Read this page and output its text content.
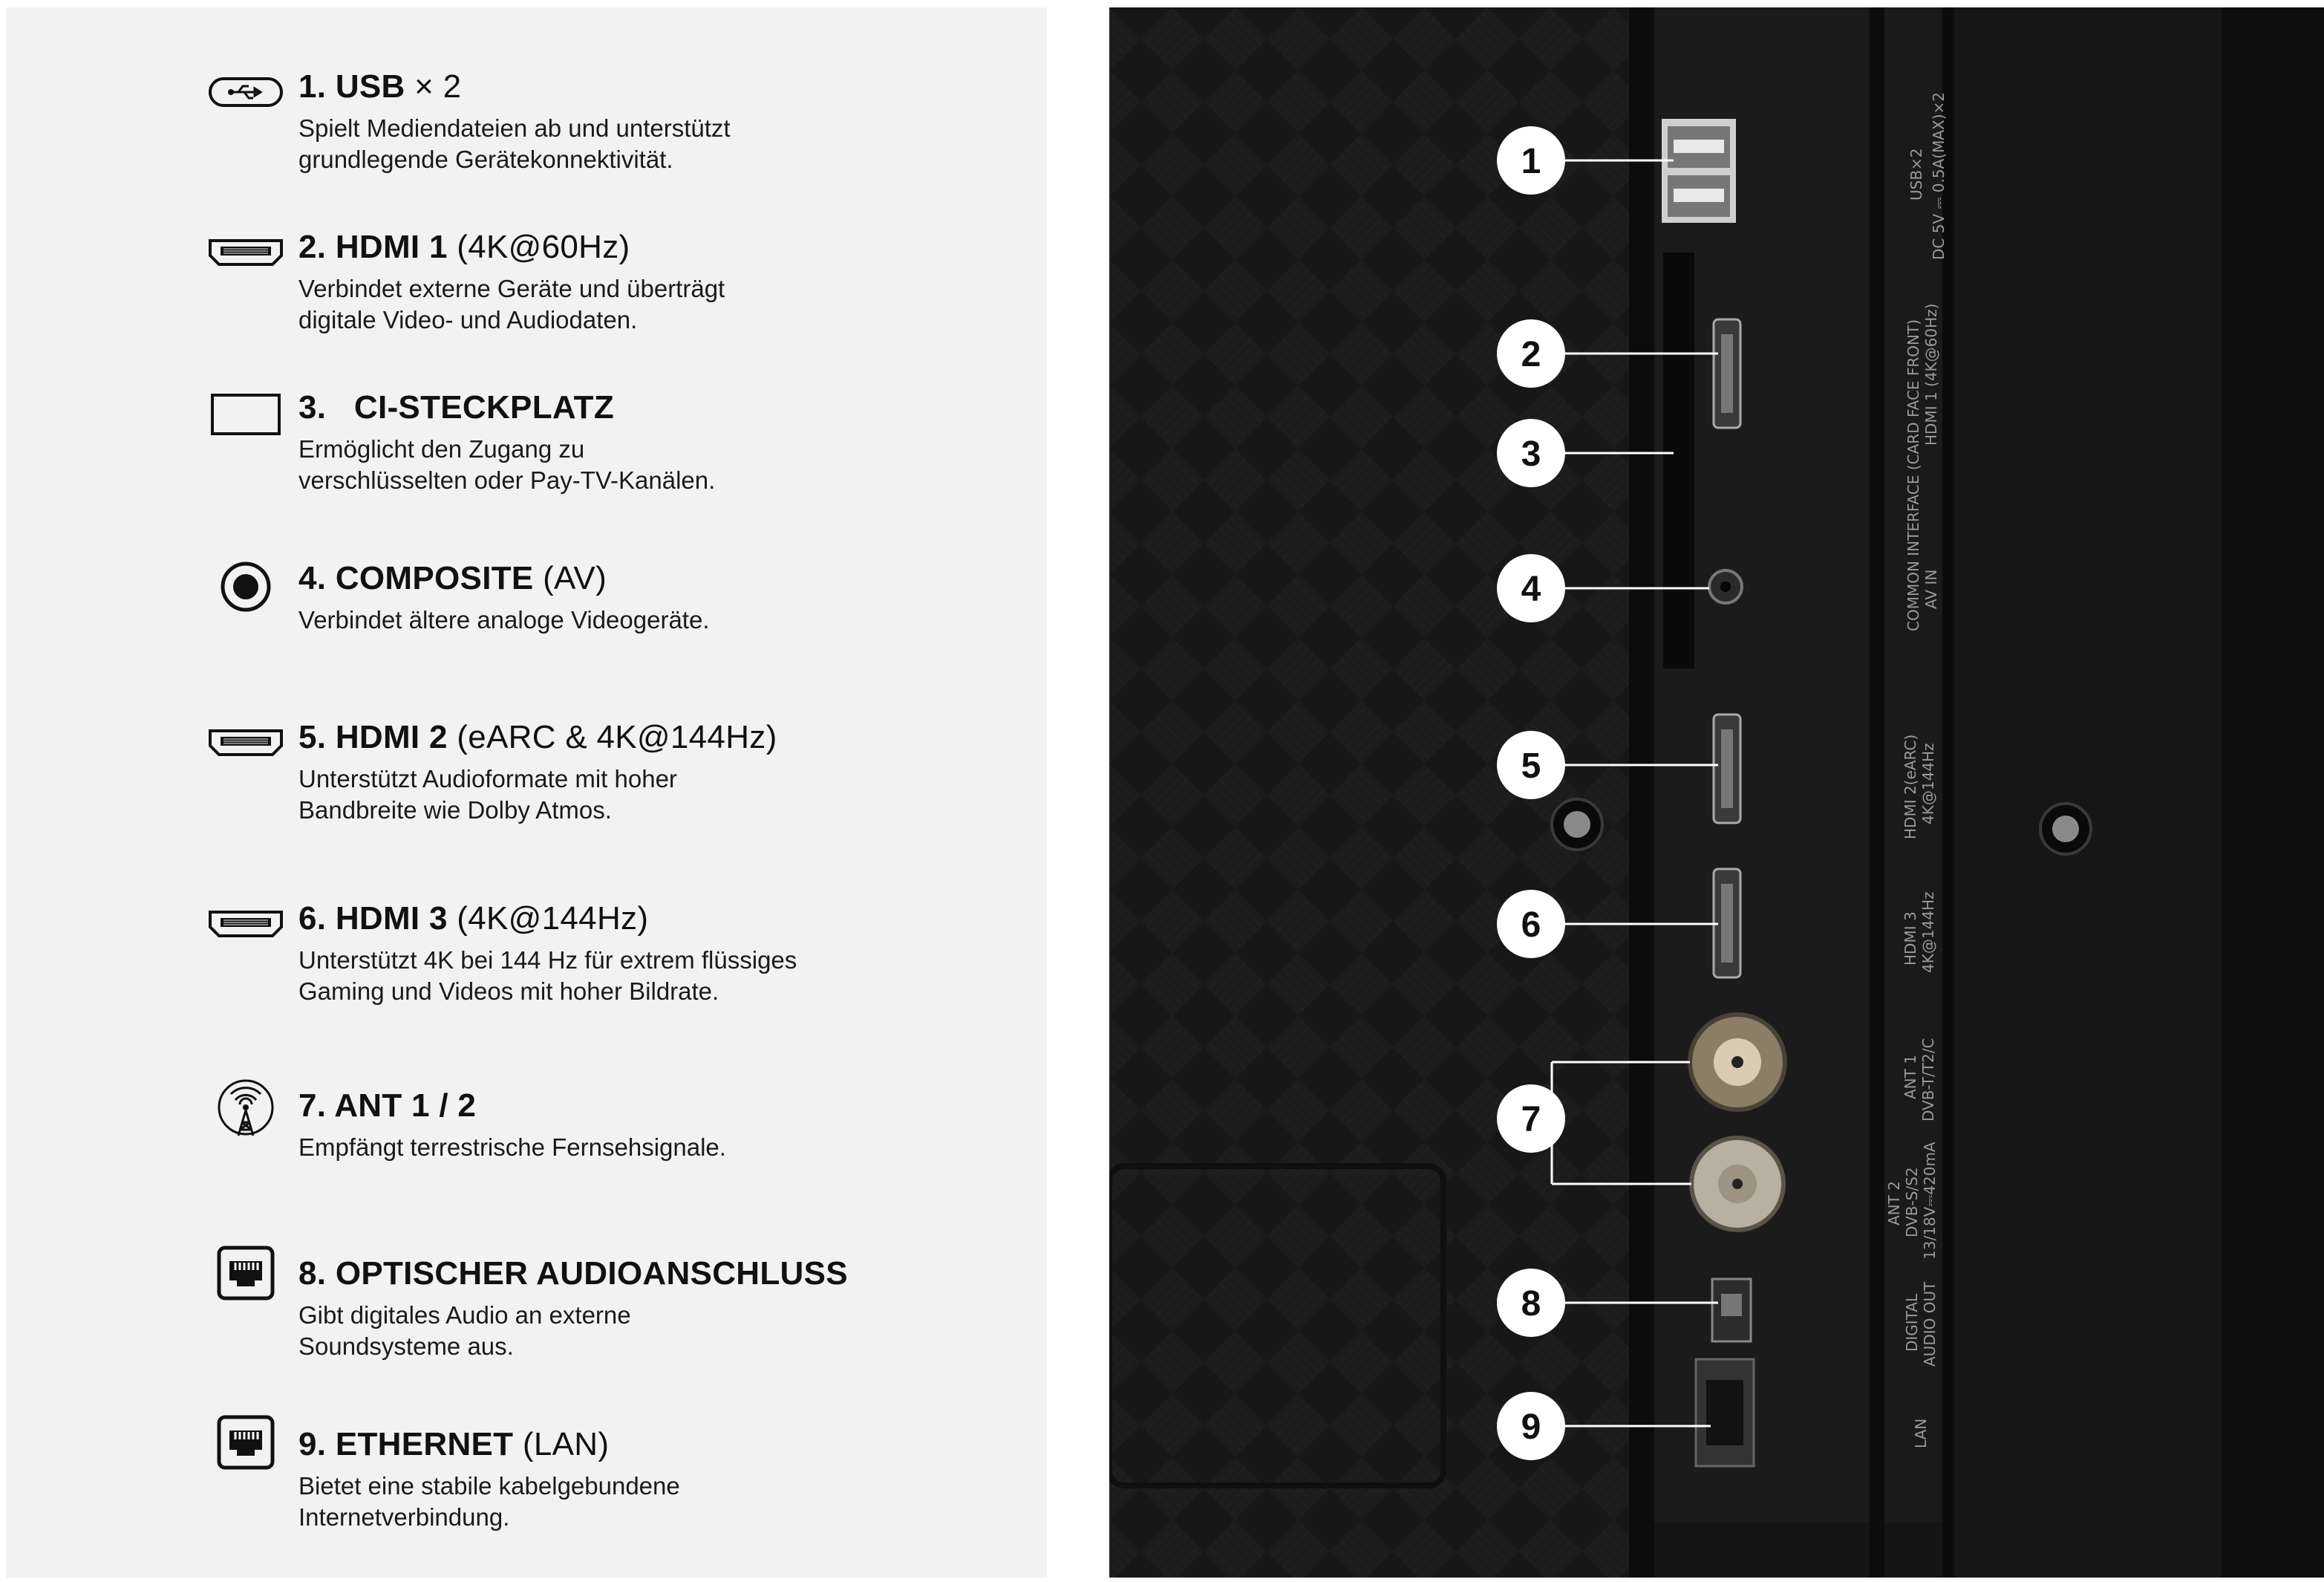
1. USB × 2
Spielt Mediendateien ab und unterstützt
grundlegende Gerätekonnektivität.
2. HDMI 1 (4K@60Hz)
Verbindet externe Geräte und überträgt
digitale Video- und Audiodaten.
3. CI-STECKPLATZ
Ermöglicht den Zugang zu
verschlüsselten oder Pay-TV-Kanälen.
4. COMPOSITE (AV)
Verbindet ältere analoge Videogeräte.
5. HDMI 2 (eARC & 4K@144Hz)
Unterstützt Audioformate mit hoher
Bandbreite wie Dolby Atmos.
6. HDMI 3 (4K@144Hz)
Unterstützt 4K bei 144 Hz für extrem flüssiges
Gaming und Videos mit hoher Bildrate.
7. ANT 1 / 2
Empfängt terrestrische Fernsehsignale.
8. OPTISCHER AUDIOANSCHLUSS
Gibt digitales Audio an externe
Soundsysteme aus.
9. ETHERNET (LAN)
Bietet eine stabile kabelgebundene
Internetverbindung.
USB×2 DC 5V ⎓ 0.5A(MAX)×2
COMMON INTERFACE (CARD FACE FRONT) HDMI 1 (4K@60Hz)
AV IN
HDMI 2(eARC) 4K@144Hz
HDMI 3 4K@144Hz
ANT 1 DVB-T/T2/C
ANT 2 DVB-S/S2 13/18V⎓420mA
DIGITAL AUDIO OUT
LAN
1
2
3
4
5
6
7
8
9
